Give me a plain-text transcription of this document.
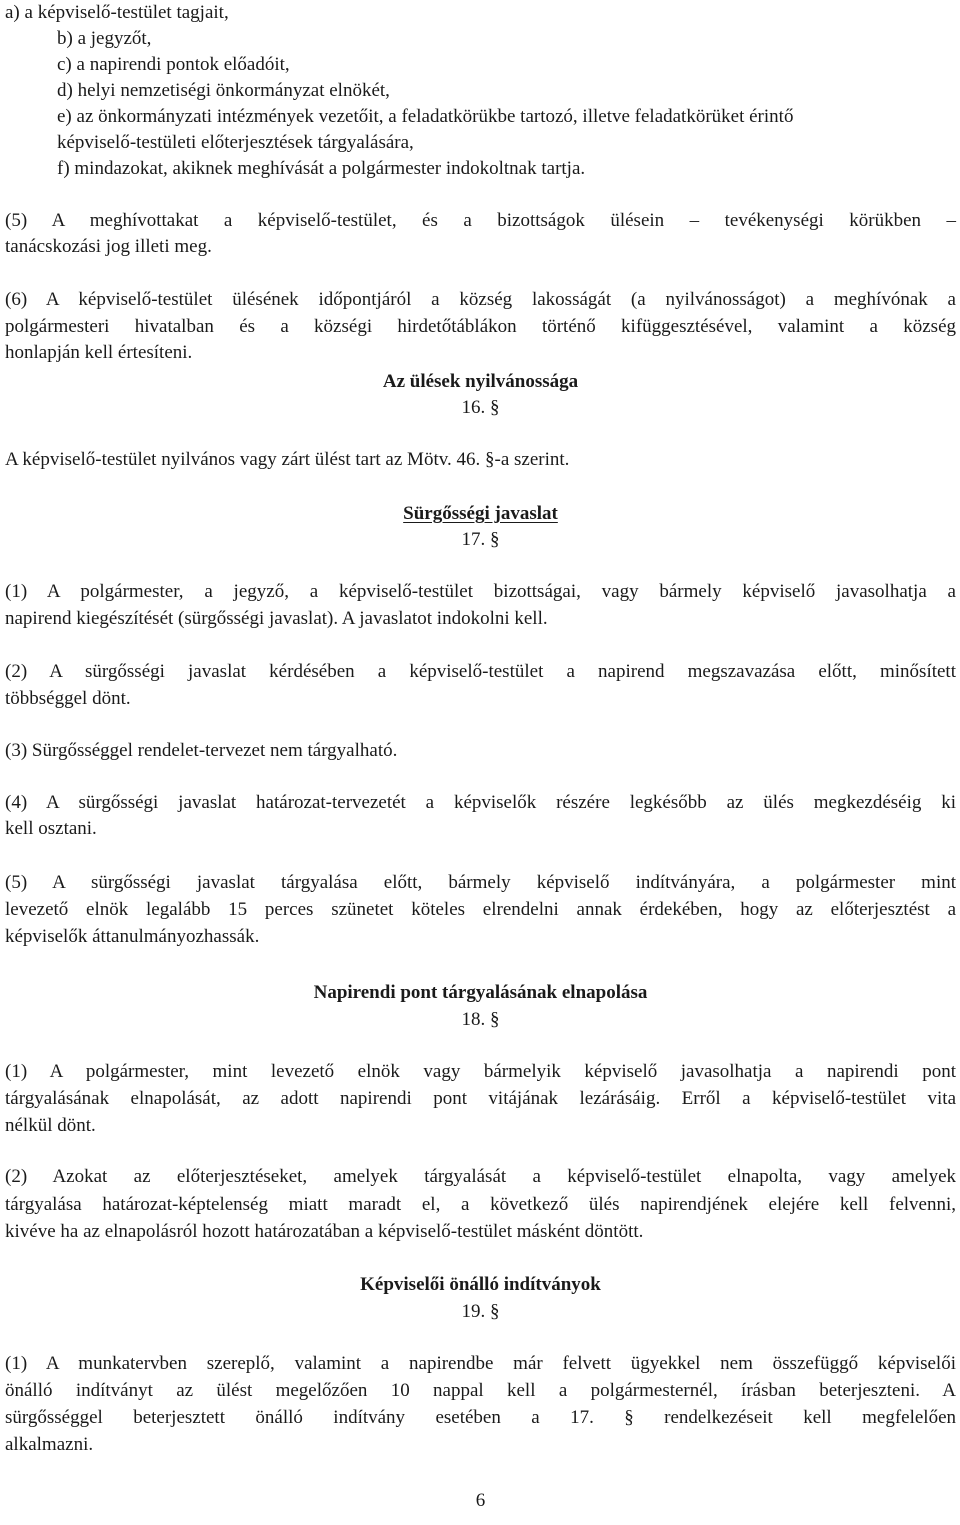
a) a képviselő-testület tagjait,
b) a jegyzőt,
c) a napirendi pontok előadóit,
d) helyi nemzetiségi önkormányzat elnökét,
e) az önkormányzati intézmények vezetőit, a feladatkörükbe tartozó, illetve feladatkörüket érintő
képviselő-testületi előterjesztések tárgyalására,
f) mindazokat, akiknek meghívását a polgármester indokoltnak tartja.
(5) A meghívottakat a képviselő-testület, és a bizottságok ülésein – tevékenységi körükben –
tanácskozási jog illeti meg.
(6) A képviselő-testület ülésének időpontjáról a község lakosságát (a nyilvánosságot) a meghívónak a
polgármesteri hivatalban és a községi hirdetőtáblákon történő kifüggesztésével, valamint a község
honlapján kell értesíteni.
Az ülések nyilvánossága
16. §
A képviselő-testület nyilvános vagy zárt ülést tart az Mötv. 46. §-a szerint.
Sürgősségi javaslat
17. §
(1) A polgármester, a jegyző, a képviselő-testület bizottságai, vagy bármely képviselő javasolhatja a
napirend kiegészítését (sürgősségi javaslat). A javaslatot indokolni kell.
(2) A sürgősségi javaslat kérdésében a képviselő-testület a napirend megszavazása előtt, minősített
többséggel dönt.
(3) Sürgősséggel rendelet-tervezet nem tárgyalható.
(4) A sürgősségi javaslat határozat-tervezetét a képviselők részére legkésőbb az ülés megkezdéséig ki
kell osztani.
(5) A sürgősségi javaslat tárgyalása előtt, bármely képviselő indítványára, a polgármester mint
levezető elnök legalább 15 perces szünetet köteles elrendelni annak érdekében, hogy az előterjesztést a
képviselők áttanulmányozhassák.
Napirendi pont tárgyalásának elnapolása
18. §
(1) A polgármester, mint levezető elnök vagy bármelyik képviselő javasolhatja a napirendi pont
tárgyalásának elnapolását, az adott napirendi pont vitájának lezárásáig. Erről a képviselő-testület vita
nélkül dönt.
(2) Azokat az előterjesztéseket, amelyek tárgyalását a képviselő-testület elnapolta, vagy amelyek
tárgyalása határozat-képtelenség miatt maradt el, a következő ülés napirendjének elejére kell felvenni,
kivéve ha az elnapolásról hozott határozatában a képviselő-testület másként döntött.
Képviselői önálló indítványok
19. §
(1) A munkatervben szereplő, valamint a napirendbe már felvett ügyekkel nem összefüggő képviselői
önálló indítványt az ülést megelőzően 10 nappal kell a polgármesternél, írásban beterjeszteni. A
sürgősséggel beterjesztett önálló indítvány esetében a 17. § rendelkezéseit kell megfelelően
alkalmazni.
6
